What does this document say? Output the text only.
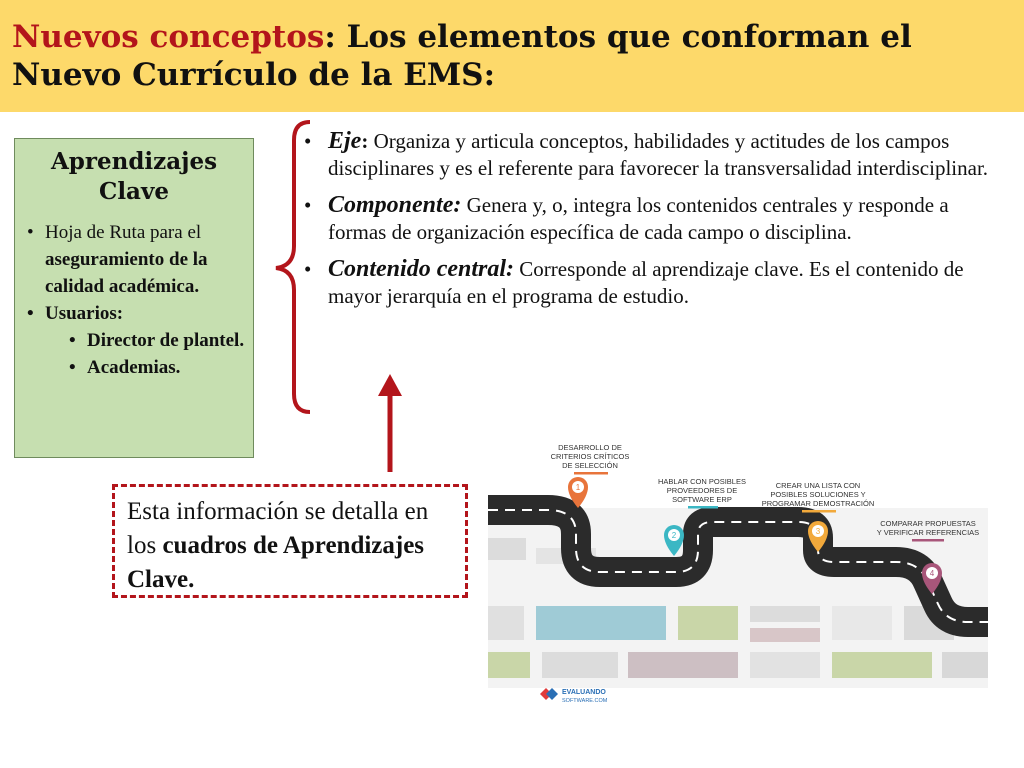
Nuevos conceptos: Los elementos que conforman el Nuevo Currículo de la EMS:
Aprendizajes Clave
• Hoja de Ruta para el aseguramiento de la calidad académica.
• Usuarios:
• Director de plantel.
• Academias.
• Eje: Organiza y articula conceptos, habilidades y actitudes de los campos disciplinares y es el referente para favorecer la transversalidad interdisciplinar.
• Componente: Genera y, o, integra los contenidos centrales y responde a formas de organización específica de cada campo o disciplina.
• Contenido central: Corresponde al aprendizaje clave. Es el contenido de mayor jerarquía en el programa de estudio.
Esta información se detalla en los cuadros de Aprendizajes Clave.
DESARROLLO DE
CRITERIOS CRÍTICOS
DE SELECCIÓN
HABLAR CON POSIBLES
PROVEEDORES DE
SOFTWARE ERP
CREAR UNA LISTA CON
POSIBLES SOLUCIONES Y
PROGRAMAR DEMOSTRACIÓN
COMPARAR PROPUESTAS
Y VERIFICAR REFERENCIAS
1
2	3
4
EVALUANDO
SOFTWARE.COM
